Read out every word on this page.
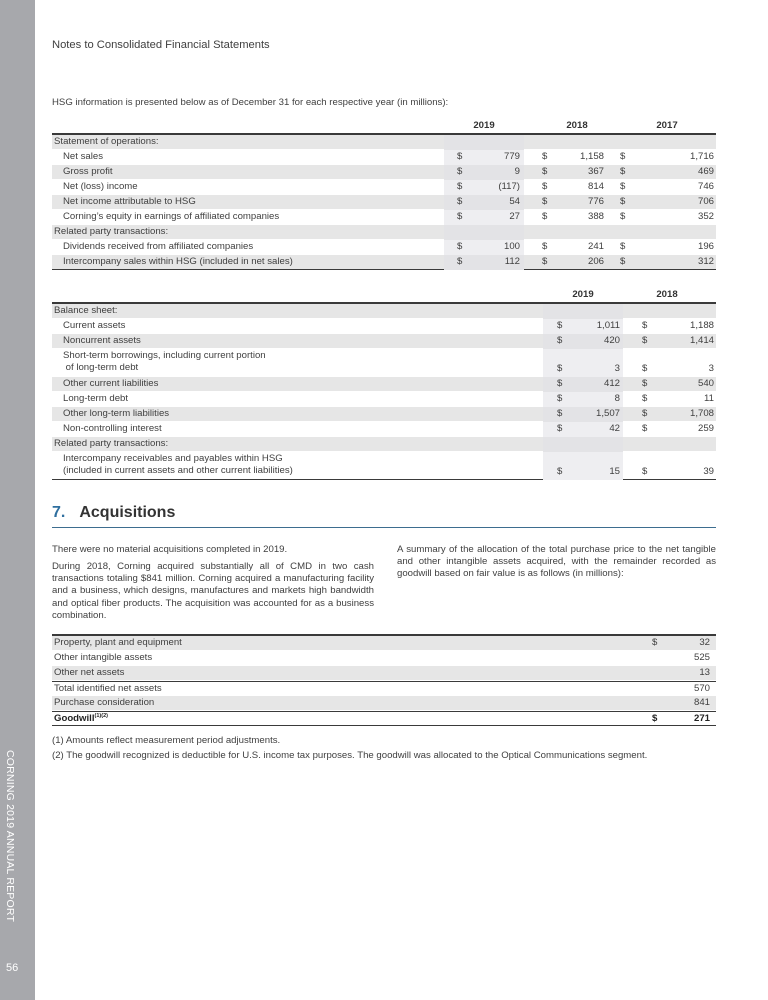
CORNING 2019 ANNUAL REPORT
56
Notes to Consolidated Financial Statements
HSG information is presented below as of December 31 for each respective year (in millions):
2019	2018	2017
Statement of operations:
Net sales	$	779 $	1,158 $	1,716
Gross profit	$	9 $	367 $	469
Net (loss) income	$	(117) $	814 $	746
Net income attributable to HSG	$	54 $	776 $	706
Corning’s equity in earnings of affiliated companies	$	27 $	388 $	352
Related party transactions:
Dividends received from affiliated companies	$	100 $	241 $	196
Intercompany sales within HSG (included in net sales)	$	112 $	206 $	312
2019	2018
Balance sheet:
Current assets	$	1,011 $	1,188
Noncurrent assets	$	420 $	1,414
Short-term borrowings, including current portion
of long-term debt	$	3 $	3
Other current liabilities	$	412 $	540
Long-term debt	$	8 $	11
Other long-term liabilities	$	1,507 $	1,708
Non-controlling interest	$	42 $	259
Related party transactions:
Intercompany receivables and payables within HSG
(included in current assets and other current liabilities)	$	15 $	39
7. Acquisitions
There were no material acquisitions completed in 2019.
During 2018, Corning acquired substantially all of CMD in two cash transactions totaling $841 million. Corning acquired a manufacturing facility and a business, which designs, manufactures and markets high bandwidth and optical fiber products. The acquisition was accounted for as a business combination.
A summary of the allocation of the total purchase price to the net tangible and other intangible assets acquired, with the remainder recorded as goodwill based on fair value is as follows (in millions):
Property, plant and equipment	$	32
Other intangible assets	525
Other net assets	13
Total identified net assets	570
Purchase consideration	841
Goodwill$^{(1)(2)}$	$	271
(1) Amounts reflect measurement period adjustments.
(2) The goodwill recognized is deductible for U.S. income tax purposes. The goodwill was allocated to the Optical Communications segment.
